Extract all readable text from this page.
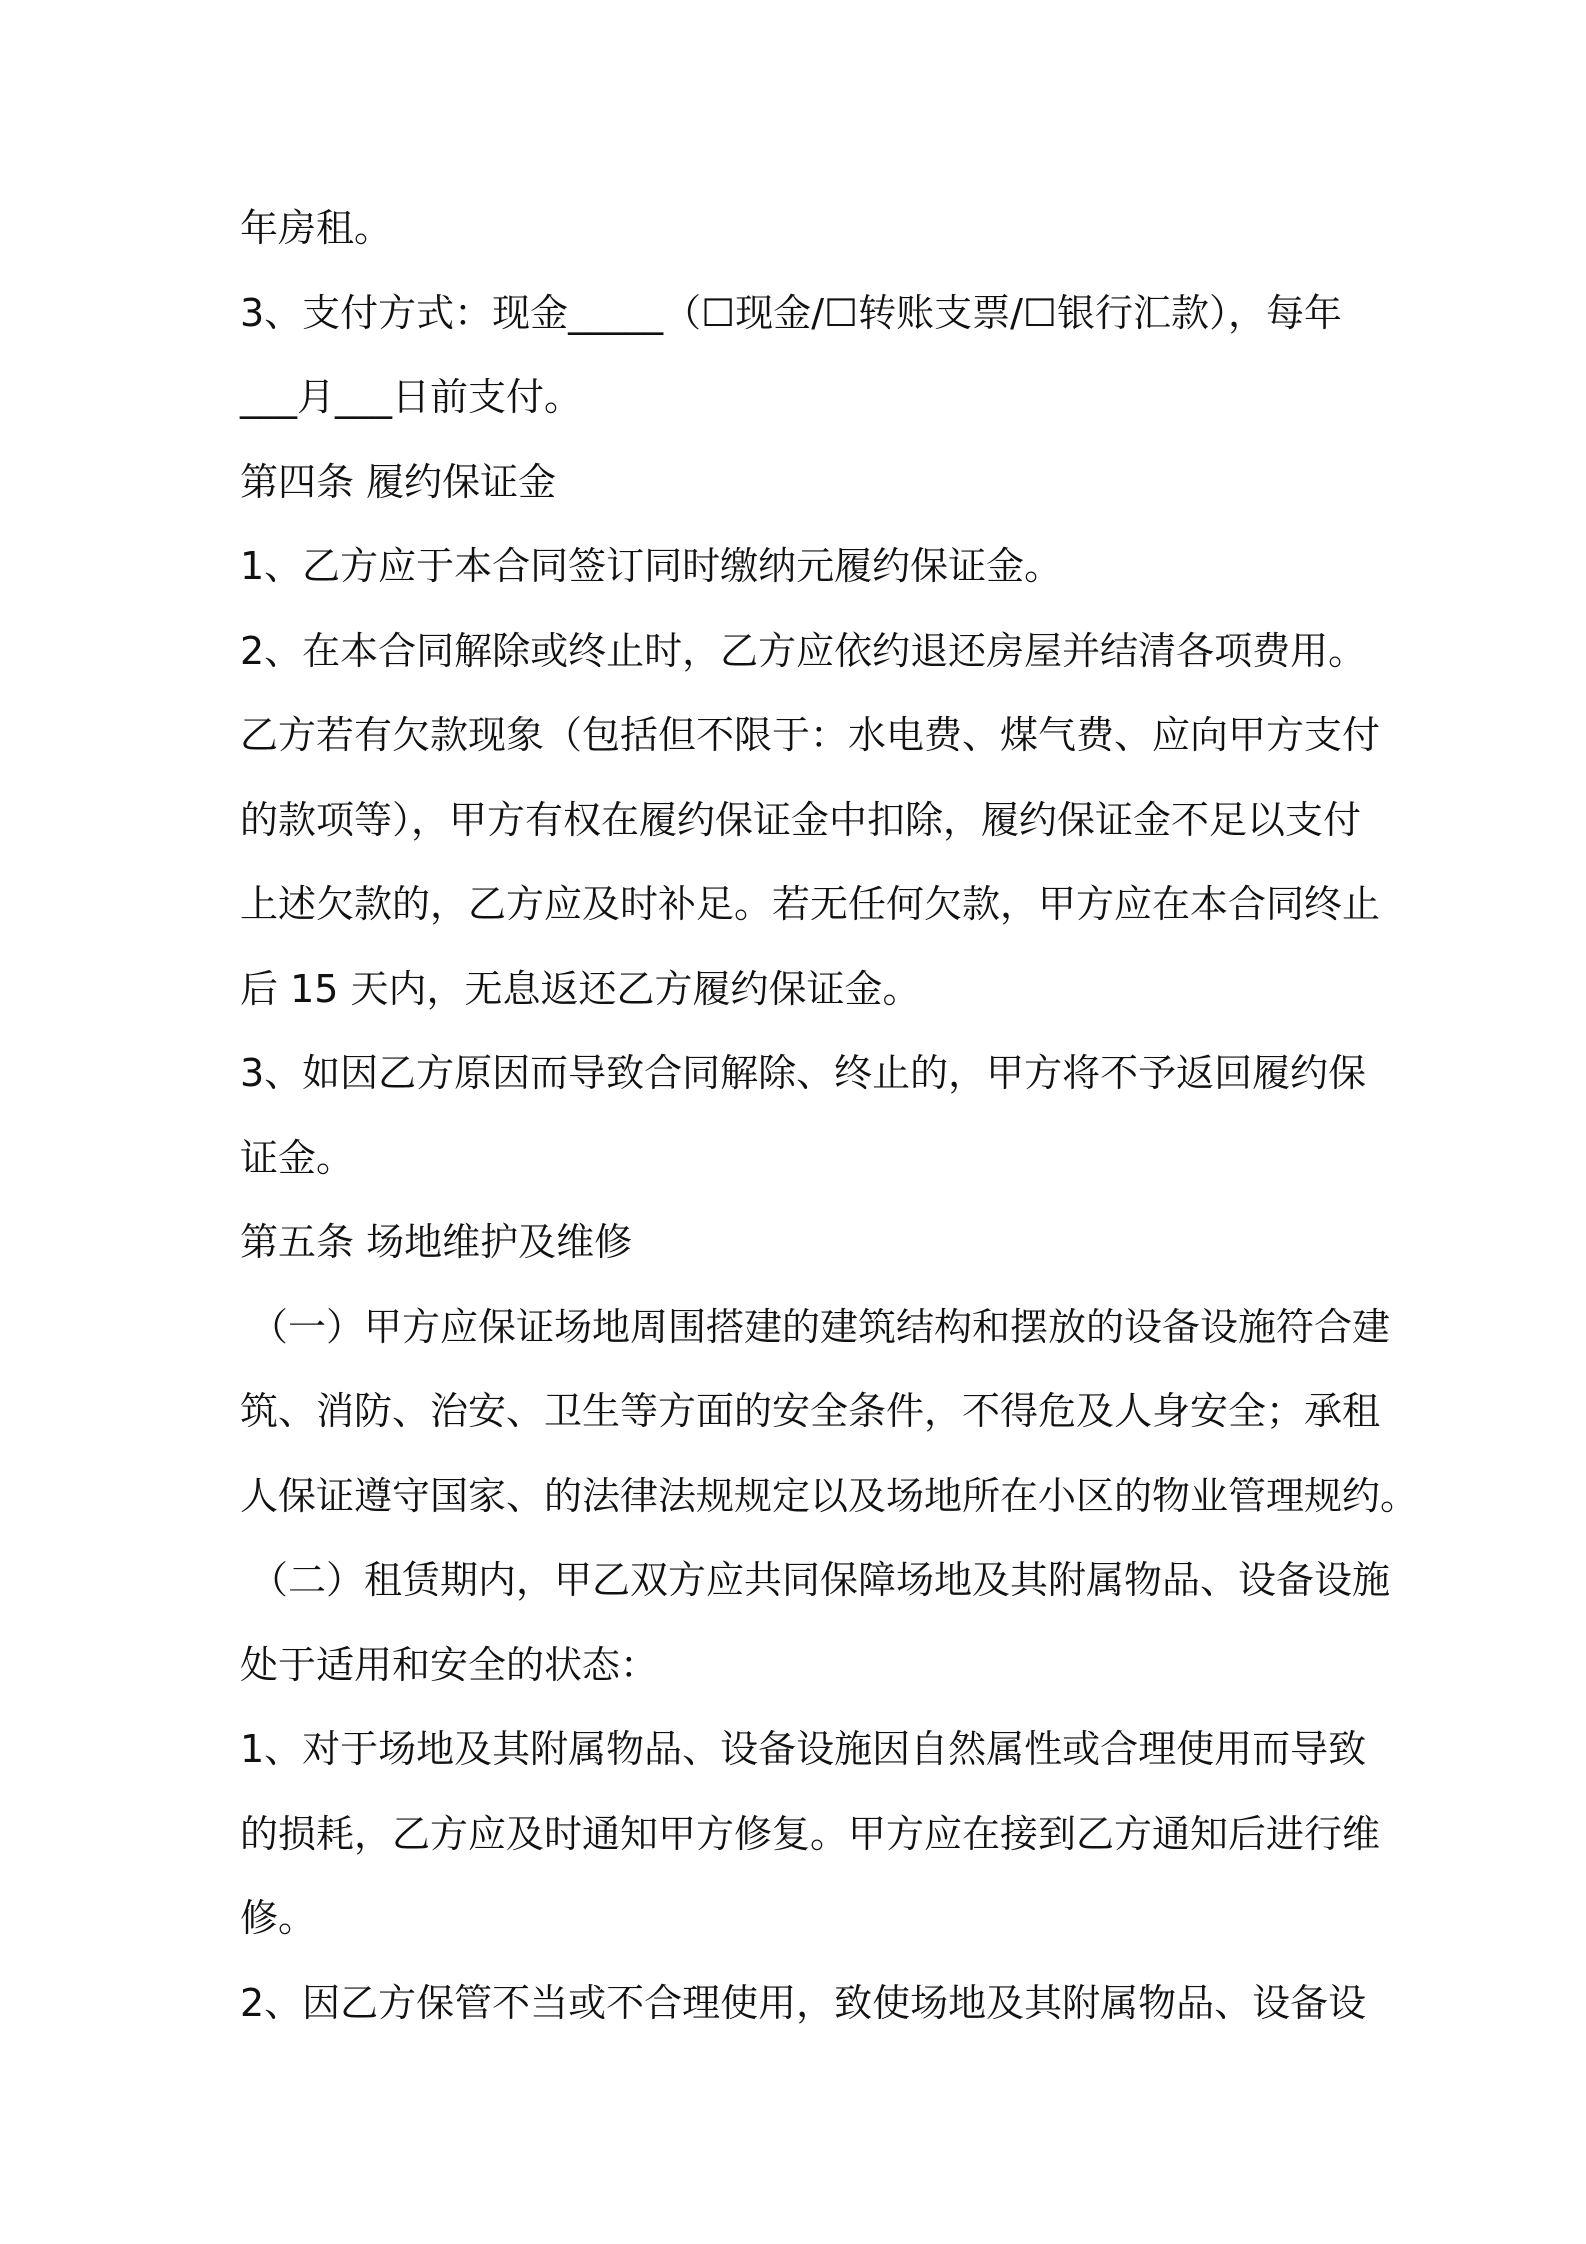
年房租。
3、支付方式：现金_____（☐现金/☐转账支票/☐银行汇款），每年
___月___日前支付。
第四条 履约保证金
1、乙方应于本合同签订同时缴纳元履约保证金。
2、在本合同解除或终止时，乙方应依约退还房屋并结清各项费用。
乙方若有欠款现象（包括但不限于：水电费、煤气费、应向甲方支付
的款项等），甲方有权在履约保证金中扣除，履约保证金不足以支付
上述欠款的，乙方应及时补足。若无任何欠款，甲方应在本合同终止
后 15 天内，无息返还乙方履约保证金。
3、如因乙方原因而导致合同解除、终止的，甲方将不予返回履约保
证金。
第五条 场地维护及维修
（一）甲方应保证场地周围搭建的建筑结构和摆放的设备设施符合建
筑、消防、治安、卫生等方面的安全条件，不得危及人身安全；承租
人保证遵守国家、的法律法规规定以及场地所在小区的物业管理规约。
（二）租赁期内，甲乙双方应共同保障场地及其附属物品、设备设施
处于适用和安全的状态：
1、对于场地及其附属物品、设备设施因自然属性或合理使用而导致
的损耗，乙方应及时通知甲方修复。甲方应在接到乙方通知后进行维
修。
2、因乙方保管不当或不合理使用，致使场地及其附属物品、设备设
